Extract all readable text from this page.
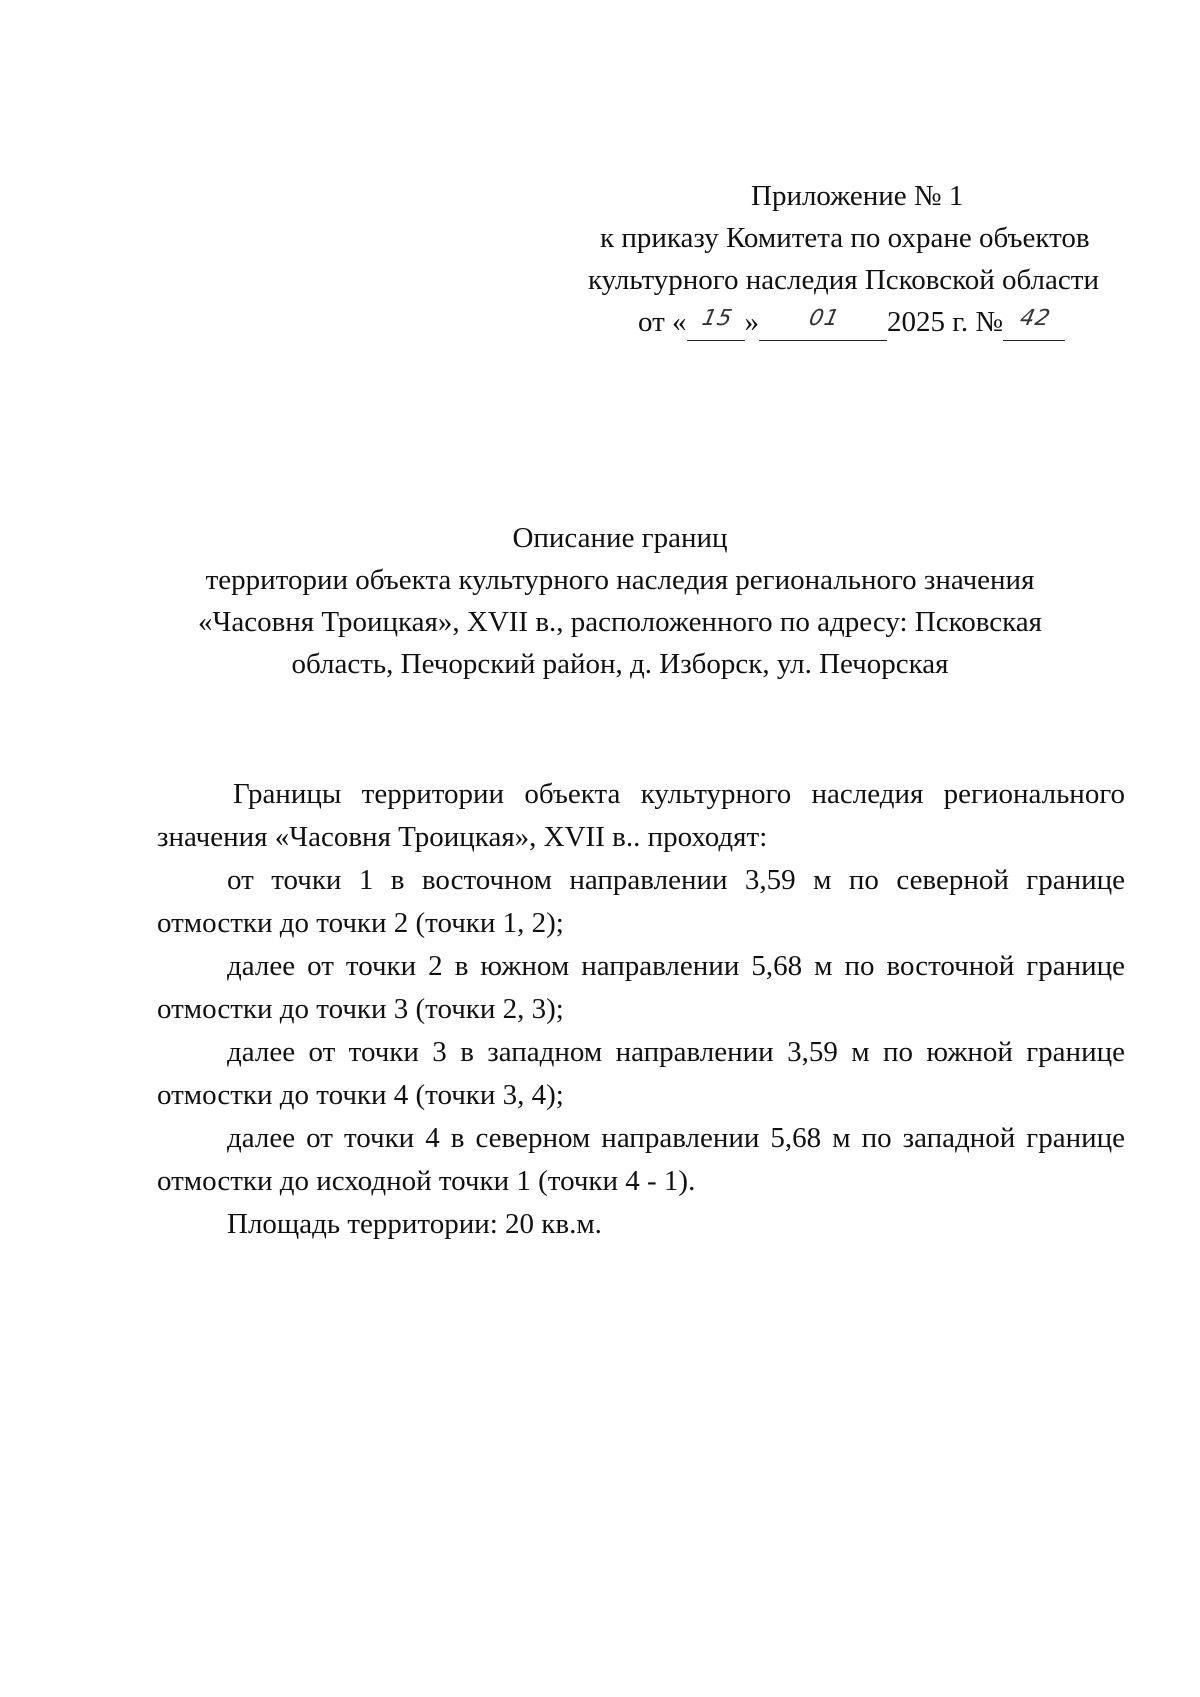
Приложение № 1
к приказу Комитета по охране объектов
культурного наследия Псковской области
от « 15 » 01 2025 г. № 42
Описание границ
территории объекта культурного наследия регионального значения
«Часовня Троицкая», XVII в., расположенного по адресу: Псковская
область, Печорский район, д. Изборск, ул. Печорская

Границы территории объекта культурного наследия регионального значения «Часовня Троицкая», XVII в.. проходят:

от точки 1 в восточном направлении 3,59 м по северной границе отмостки до точки 2 (точки 1, 2);

далее от точки 2 в южном направлении 5,68 м по восточной границе отмостки до точки 3 (точки 2, 3);

далее от точки 3 в западном направлении 3,59 м по южной границе отмостки до точки 4 (точки 3, 4);

далее от точки 4 в северном направлении 5,68 м по западной границе отмостки до исходной точки 1 (точки 4 - 1).

Площадь территории: 20 кв.м.
